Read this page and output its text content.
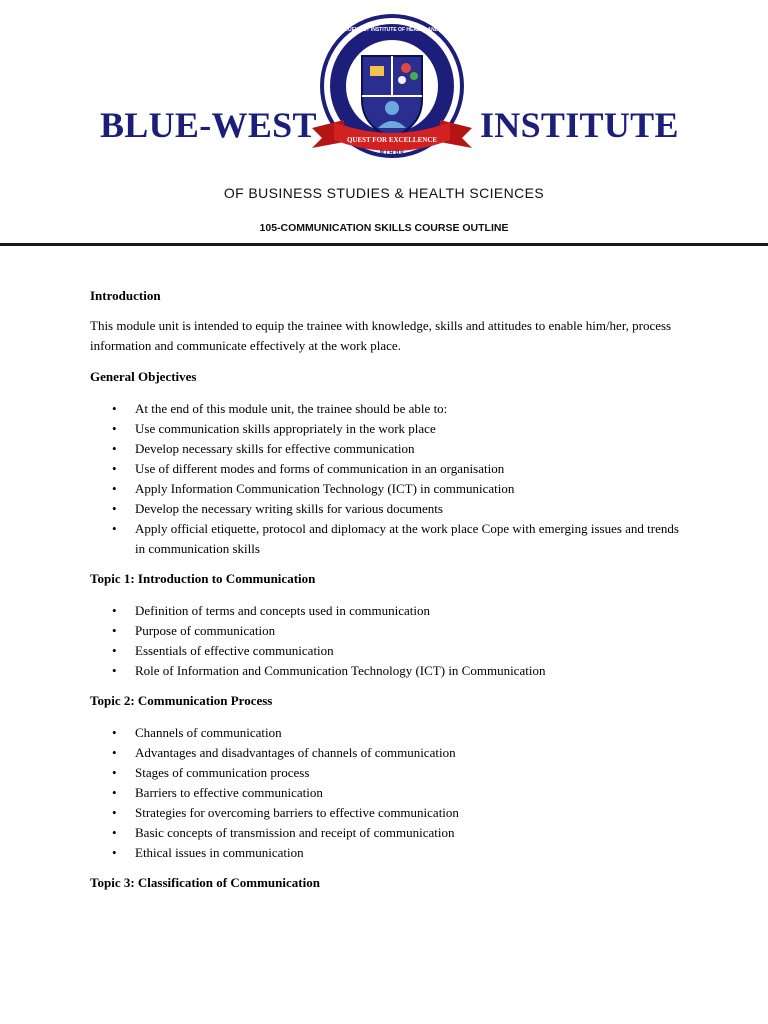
BLUE-WEST
THE BLUEWEST INSTITUTE OF HEALTH AND PROFESSIONAL STUDIES
QUEST FOR EXCELLENCE
B.I.H.P.S
INSTITUTE
OF BUSINESS STUDIES & HEALTH SCIENCES
105-COMMUNICATION SKILLS COURSE OUTLINE

Introduction

This module unit is intended to equip the trainee with knowledge, skills and attitudes to enable him/her, process information and communicate effectively at the work place.

General Objectives

• At the end of this module unit, the trainee should be able to:
• Use communication skills appropriately in the work place
• Develop necessary skills for effective communication
• Use of different modes and forms of communication in an organisation
• Apply Information Communication Technology (ICT) in communication
• Develop the necessary writing skills for various documents
• Apply official etiquette, protocol and diplomacy at the work place Cope with emerging issues and trends in communication skills

Topic 1: Introduction to Communication

• Definition of terms and concepts used in communication
• Purpose of communication
• Essentials of effective communication
• Role of Information and Communication Technology (ICT) in Communication

Topic 2: Communication Process

• Channels of communication
• Advantages and disadvantages of channels of communication
• Stages of communication process
• Barriers to effective communication
• Strategies for overcoming barriers to effective communication
• Basic concepts of transmission and receipt of communication
• Ethical issues in communication

Topic 3: Classification of Communication
